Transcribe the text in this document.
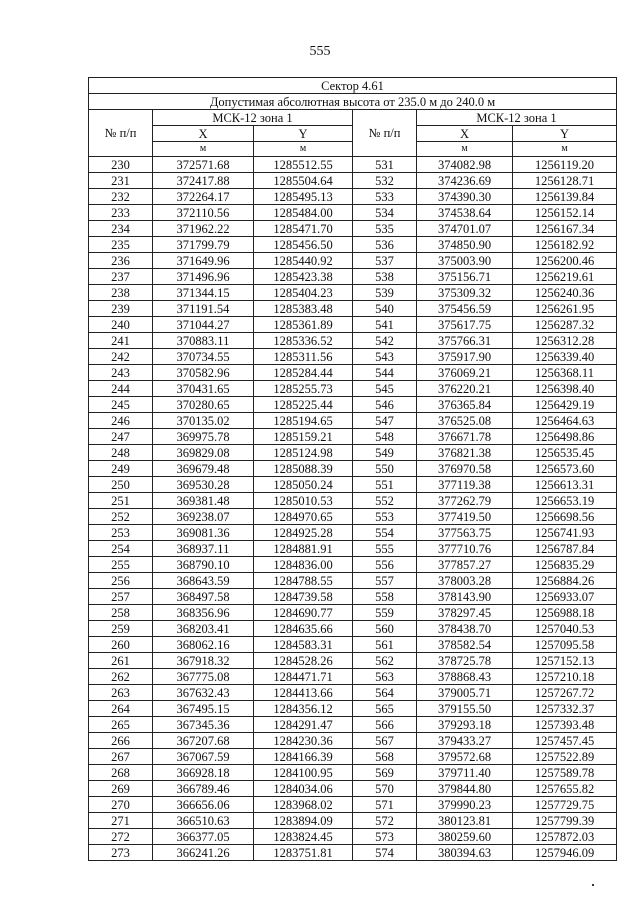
555
Сектор 4.61					
Допустимая абсолютная высота от 235.0 м до 240.0 м					
№ п/п	МСК-12 зона 1		№ п/п	МСК-12 зона 1	
	X	Y		X	Y
	м	м		м	м
230	372571.68	1285512.55	531	374082.98	1256119.20
231	372417.88	1285504.64	532	374236.69	1256128.71
232	372264.17	1285495.13	533	374390.30	1256139.84
233	372110.56	1285484.00	534	374538.64	1256152.14
234	371962.22	1285471.70	535	374701.07	1256167.34
235	371799.79	1285456.50	536	374850.90	1256182.92
236	371649.96	1285440.92	537	375003.90	1256200.46
237	371496.96	1285423.38	538	375156.71	1256219.61
238	371344.15	1285404.23	539	375309.32	1256240.36
239	371191.54	1285383.48	540	375456.59	1256261.95
240	371044.27	1285361.89	541	375617.75	1256287.32
241	370883.11	1285336.52	542	375766.31	1256312.28
242	370734.55	1285311.56	543	375917.90	1256339.40
243	370582.96	1285284.44	544	376069.21	1256368.11
244	370431.65	1285255.73	545	376220.21	1256398.40
245	370280.65	1285225.44	546	376365.84	1256429.19
246	370135.02	1285194.65	547	376525.08	1256464.63
247	369975.78	1285159.21	548	376671.78	1256498.86
248	369829.08	1285124.98	549	376821.38	1256535.45
249	369679.48	1285088.39	550	376970.58	1256573.60
250	369530.28	1285050.24	551	377119.38	1256613.31
251	369381.48	1285010.53	552	377262.79	1256653.19
252	369238.07	1284970.65	553	377419.50	1256698.56
253	369081.36	1284925.28	554	377563.75	1256741.93
254	368937.11	1284881.91	555	377710.76	1256787.84
255	368790.10	1284836.00	556	377857.27	1256835.29
256	368643.59	1284788.55	557	378003.28	1256884.26
257	368497.58	1284739.58	558	378143.90	1256933.07
258	368356.96	1284690.77	559	378297.45	1256988.18
259	368203.41	1284635.66	560	378438.70	1257040.53
260	368062.16	1284583.31	561	378582.54	1257095.58
261	367918.32	1284528.26	562	378725.78	1257152.13
262	367775.08	1284471.71	563	378868.43	1257210.18
263	367632.43	1284413.66	564	379005.71	1257267.72
264	367495.15	1284356.12	565	379155.50	1257332.37
265	367345.36	1284291.47	566	379293.18	1257393.48
266	367207.68	1284230.36	567	379433.27	1257457.45
267	367067.59	1284166.39	568	379572.68	1257522.89
268	366928.18	1284100.95	569	379711.40	1257589.78
269	366789.46	1284034.06	570	379844.80	1257655.82
270	366656.06	1283968.02	571	379990.23	1257729.75
271	366510.63	1283894.09	572	380123.81	1257799.39
272	366377.05	1283824.45	573	380259.60	1257872.03
273	366241.26	1283751.81	574	380394.63	1257946.09
